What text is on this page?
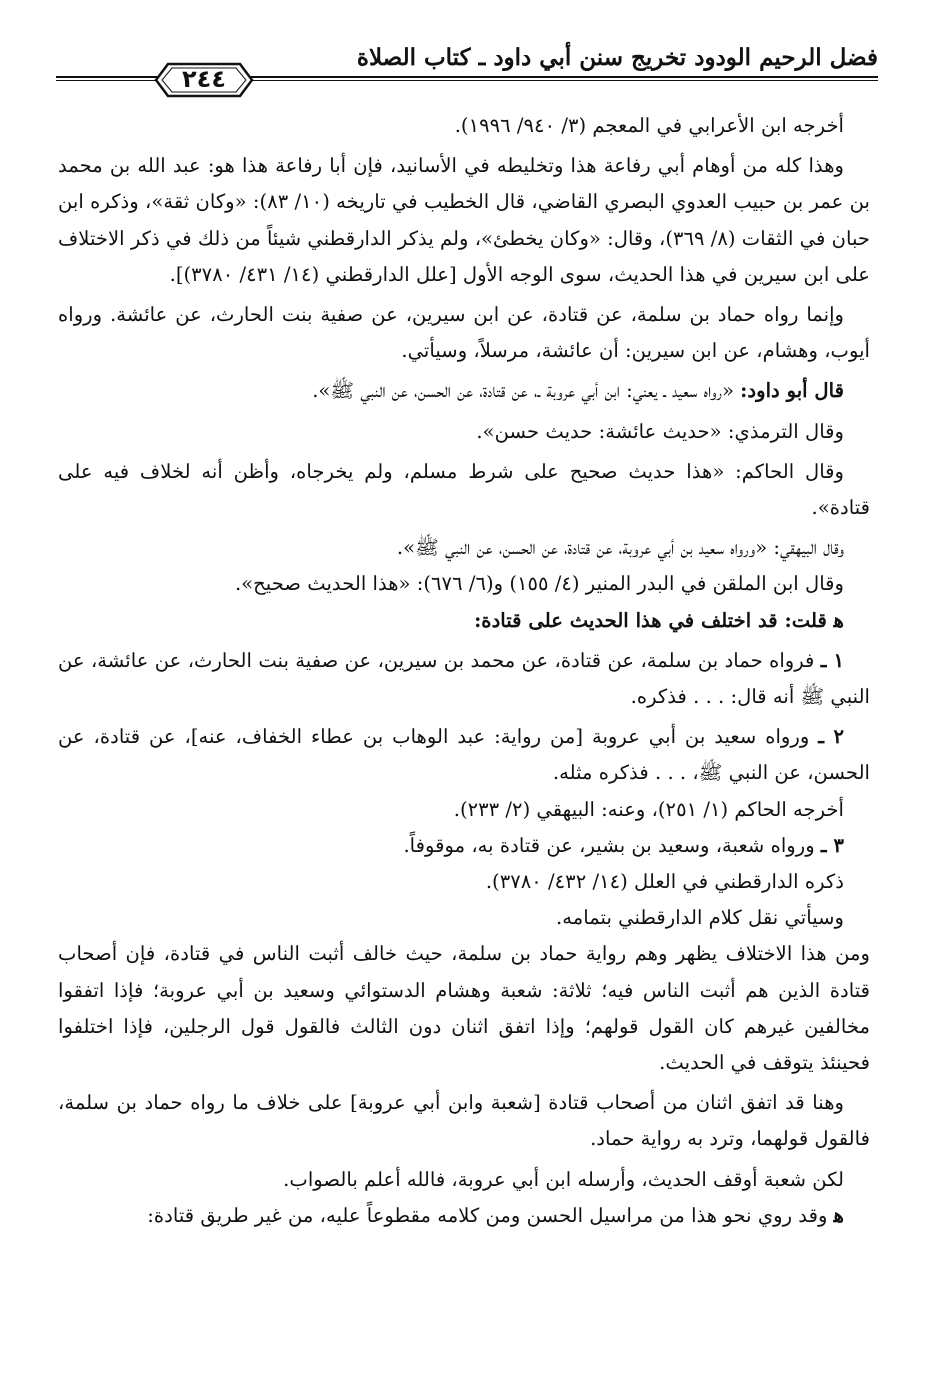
فضل الرحيم الودود تخريج سنن أبي داود ـ كتاب الصلاة
٢٤٤

أخرجه ابن الأعرابي في المعجم (٣/ ٩٤٠/ ١٩٩٦).

وهذا كله من أوهام أبي رفاعة هذا وتخليطه في الأسانيد، فإن أبا رفاعة هذا هو: عبد الله بن محمد بن عمر بن حبيب العدوي البصري القاضي، قال الخطيب في تاريخه (١٠/ ٨٣): «وكان ثقة»، وذكره ابن حبان في الثقات (٨/ ٣٦٩)، وقال: «وكان يخطئ»، ولم يذكر الدارقطني شيئاً من ذلك في ذكر الاختلاف على ابن سيرين في هذا الحديث، سوى الوجه الأول [علل الدارقطني (١٤/ ٤٣١/ ٣٧٨٠)].

وإنما رواه حماد بن سلمة، عن قتادة، عن ابن سيرين، عن صفية بنت الحارث، عن عائشة. ورواه أيوب، وهشام، عن ابن سيرين: أن عائشة، مرسلاً، وسيأتي.

قال أبو داود: «رواه سعيد ـ يعني: ابن أبي عروبة ـ، عن قتادة، عن الحسن، عن النبي ﷺ».

وقال الترمذي: «حديث عائشة: حديث حسن».

وقال الحاكم: «هذا حديث صحيح على شرط مسلم، ولم يخرجاه، وأظن أنه لخلاف فيه على قتادة».

وقال البيهقي: «ورواه سعيد بن أبي عروبة، عن قتادة، عن الحسن، عن النبي ﷺ».

وقال ابن الملقن في البدر المنير (٤/ ١٥٥) و(٦/ ٦٧٦): «هذا الحديث صحيح».

ﻫ قلت: قد اختلف في هذا الحديث على قتادة:

١ ـ فرواه حماد بن سلمة، عن قتادة، عن محمد بن سيرين، عن صفية بنت الحارث، عن عائشة، عن النبي ﷺ أنه قال: . . . فذكره.

٢ ـ ورواه سعيد بن أبي عروبة [من رواية: عبد الوهاب بن عطاء الخفاف، عنه]، عن قتادة، عن الحسن، عن النبي ﷺ، . . . فذكره مثله.

أخرجه الحاكم (١/ ٢٥١)، وعنه: البيهقي (٢/ ٢٣٣).

٣ ـ ورواه شعبة، وسعيد بن بشير، عن قتادة به، موقوفاً.

ذكره الدارقطني في العلل (١٤/ ٤٣٢/ ٣٧٨٠).

وسيأتي نقل كلام الدارقطني بتمامه.

ومن هذا الاختلاف يظهر وهم رواية حماد بن سلمة، حيث خالف أثبت الناس في قتادة، فإن أصحاب قتادة الذين هم أثبت الناس فيه؛ ثلاثة: شعبة وهشام الدستوائي وسعيد بن أبي عروبة؛ فإذا اتفقوا مخالفين غيرهم كان القول قولهم؛ وإذا اتفق اثنان دون الثالث فالقول قول الرجلين، فإذا اختلفوا فحينئذ يتوقف في الحديث.

وهنا قد اتفق اثنان من أصحاب قتادة [شعبة وابن أبي عروبة] على خلاف ما رواه حماد بن سلمة، فالقول قولهما، وترد به رواية حماد.

لكن شعبة أوقف الحديث، وأرسله ابن أبي عروبة، فالله أعلم بالصواب.

ﻫ وقد روي نحو هذا من مراسيل الحسن ومن كلامه مقطوعاً عليه، من غير طريق قتادة:
